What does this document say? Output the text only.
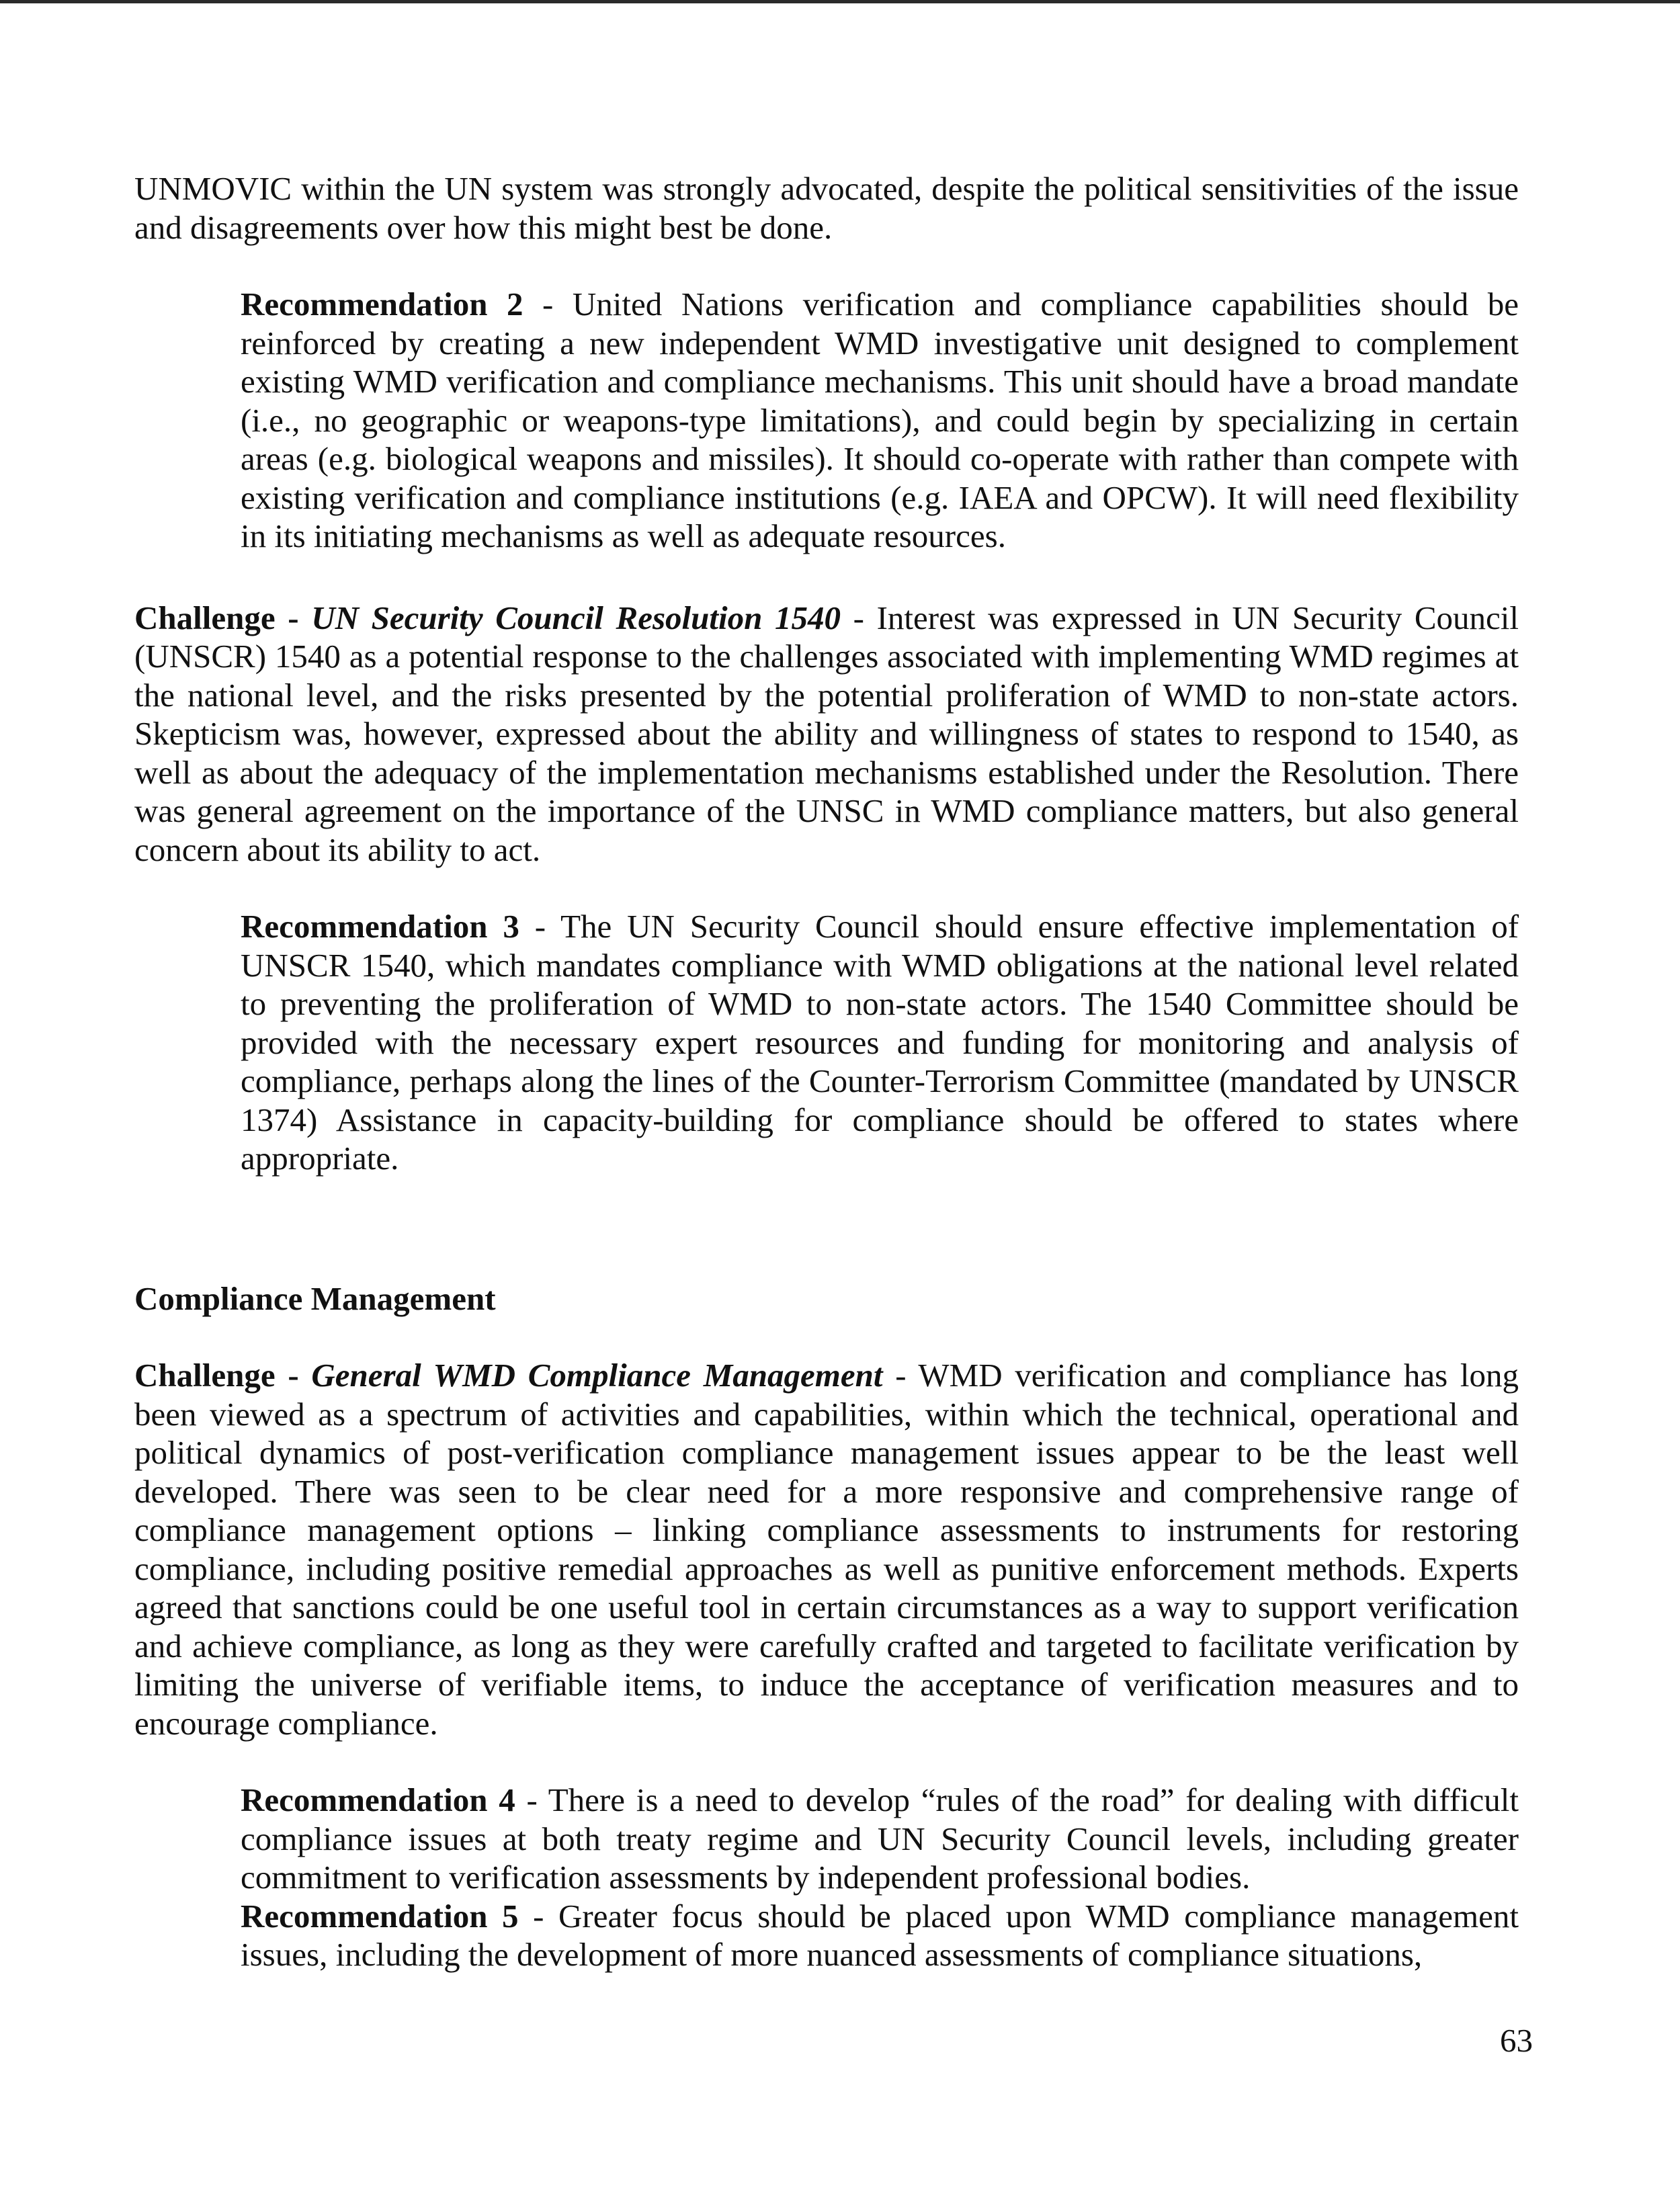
UNMOVIC within the UN system was strongly advocated, despite the political sensitivities of the issue and disagreements over how this might best be done.

Recommendation 2 - United Nations verification and compliance capabilities should be reinforced by creating a new independent WMD investigative unit designed to complement existing WMD verification and compliance mechanisms. This unit should have a broad mandate (i.e., no geographic or weapons-type limitations), and could begin by specializing in certain areas (e.g. biological weapons and missiles). It should co-operate with rather than compete with existing verification and compliance institutions (e.g. IAEA and OPCW). It will need flexibility in its initiating mechanisms as well as adequate resources.

Challenge - UN Security Council Resolution 1540 - Interest was expressed in UN Security Council (UNSCR) 1540 as a potential response to the challenges associated with implementing WMD regimes at the national level, and the risks presented by the potential proliferation of WMD to non-state actors. Skepticism was, however, expressed about the ability and willingness of states to respond to 1540, as well as about the adequacy of the implementation mechanisms established under the Resolution. There was general agreement on the importance of the UNSC in WMD compliance matters, but also general concern about its ability to act.

Recommendation 3 - The UN Security Council should ensure effective implementation of UNSCR 1540, which mandates compliance with WMD obligations at the national level related to preventing the proliferation of WMD to non-state actors. The 1540 Committee should be provided with the necessary expert resources and funding for monitoring and analysis of compliance, perhaps along the lines of the Counter-Terrorism Committee (mandated by UNSCR 1374) Assistance in capacity-building for compliance should be offered to states where appropriate.

Compliance Management

Challenge - General WMD Compliance Management - WMD verification and compliance has long been viewed as a spectrum of activities and capabilities, within which the technical, operational and political dynamics of post-verification compliance management issues appear to be the least well developed. There was seen to be clear need for a more responsive and comprehensive range of compliance management options – linking compliance assessments to instruments for restoring compliance, including positive remedial approaches as well as punitive enforcement methods. Experts agreed that sanctions could be one useful tool in certain circumstances as a way to support verification and achieve compliance, as long as they were carefully crafted and targeted to facilitate verification by limiting the universe of verifiable items, to induce the acceptance of verification measures and to encourage compliance.

Recommendation 4 - There is a need to develop “rules of the road” for dealing with difficult compliance issues at both treaty regime and UN Security Council levels, including greater commitment to verification assessments by independent professional bodies.

Recommendation 5 - Greater focus should be placed upon WMD compliance management issues, including the development of more nuanced assessments of compliance situations,

63
